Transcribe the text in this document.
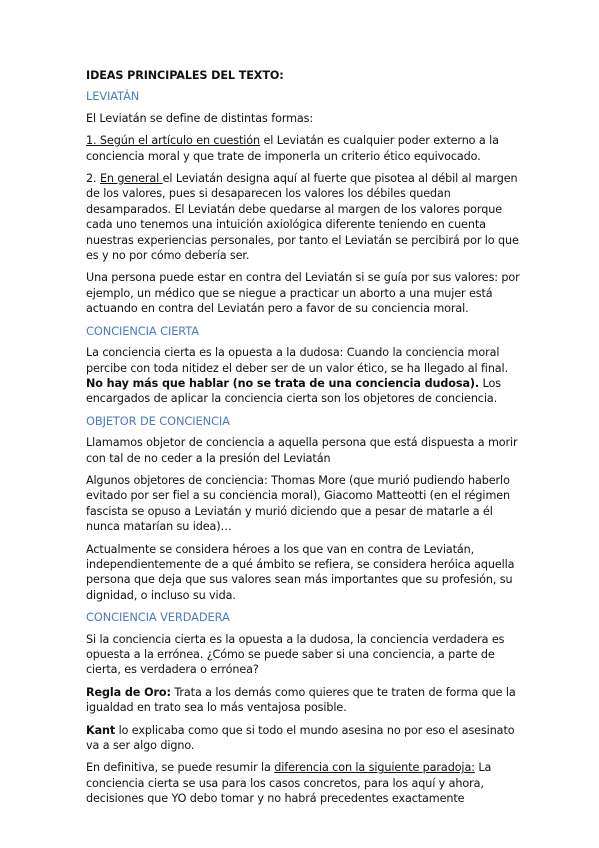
IDEAS PRINCIPALES DEL TEXTO:

LEVIATÁN

El Leviatán se define de distintas formas:

1. Según el artículo en cuestión el Leviatán es cualquier poder externo a la conciencia moral y que trate de imponerla un criterio ético equivocado.

2. En general el Leviatán designa aquí al fuerte que pisotea al débil al margen de los valores, pues si desaparecen los valores los débiles quedan desamparados. El Leviatán debe quedarse al margen de los valores porque cada uno tenemos una intuición axiológica diferente teniendo en cuenta nuestras experiencias personales, por tanto el Leviatán se percibirá por lo que es y no por cómo debería ser.

Una persona puede estar en contra del Leviatán si se guía por sus valores: por ejemplo, un médico que se niegue a practicar un aborto a una mujer está actuando en contra del Leviatán pero a favor de su conciencia moral.

CONCIENCIA CIERTA

La conciencia cierta es la opuesta a la dudosa: Cuando la conciencia moral percibe con toda nitidez el deber ser de un valor ético, se ha llegado al final. No hay más que hablar (no se trata de una conciencia dudosa). Los encargados de aplicar la conciencia cierta son los objetores de conciencia.

OBJETOR DE CONCIENCIA

Llamamos objetor de conciencia a aquella persona que está dispuesta a morir con tal de no ceder a la presión del Leviatán

Algunos objetores de conciencia: Thomas More (que murió pudiendo haberlo evitado por ser fiel a su conciencia moral), Giacomo Matteotti (en el régimen fascista se opuso a Leviatán y murió diciendo que a pesar de matarle a él nunca matarían su idea)…

Actualmente se considera héroes a los que van en contra de Leviatán, independientemente de a qué ámbito se refiera, se considera heróica aquella persona que deja que sus valores sean más importantes que su profesión, su dignidad, o incluso su vida.

CONCIENCIA VERDADERA

Si la conciencia cierta es la opuesta a la dudosa, la conciencia verdadera es opuesta a la errónea. ¿Cómo se puede saber si una conciencia, a parte de cierta, es verdadera o errónea?

Regla de Oro: Trata a los demás como quieres que te traten de forma que la igualdad en trato sea lo más ventajosa posible.

Kant lo explicaba como que si todo el mundo asesina no por eso el asesinato va a ser algo digno.

En definitiva, se puede resumir la diferencia con la siguiente paradoja: La conciencia cierta se usa para los casos concretos, para los aquí y ahora, decisiones que YO debo tomar y no habrá precedentes exactamente
